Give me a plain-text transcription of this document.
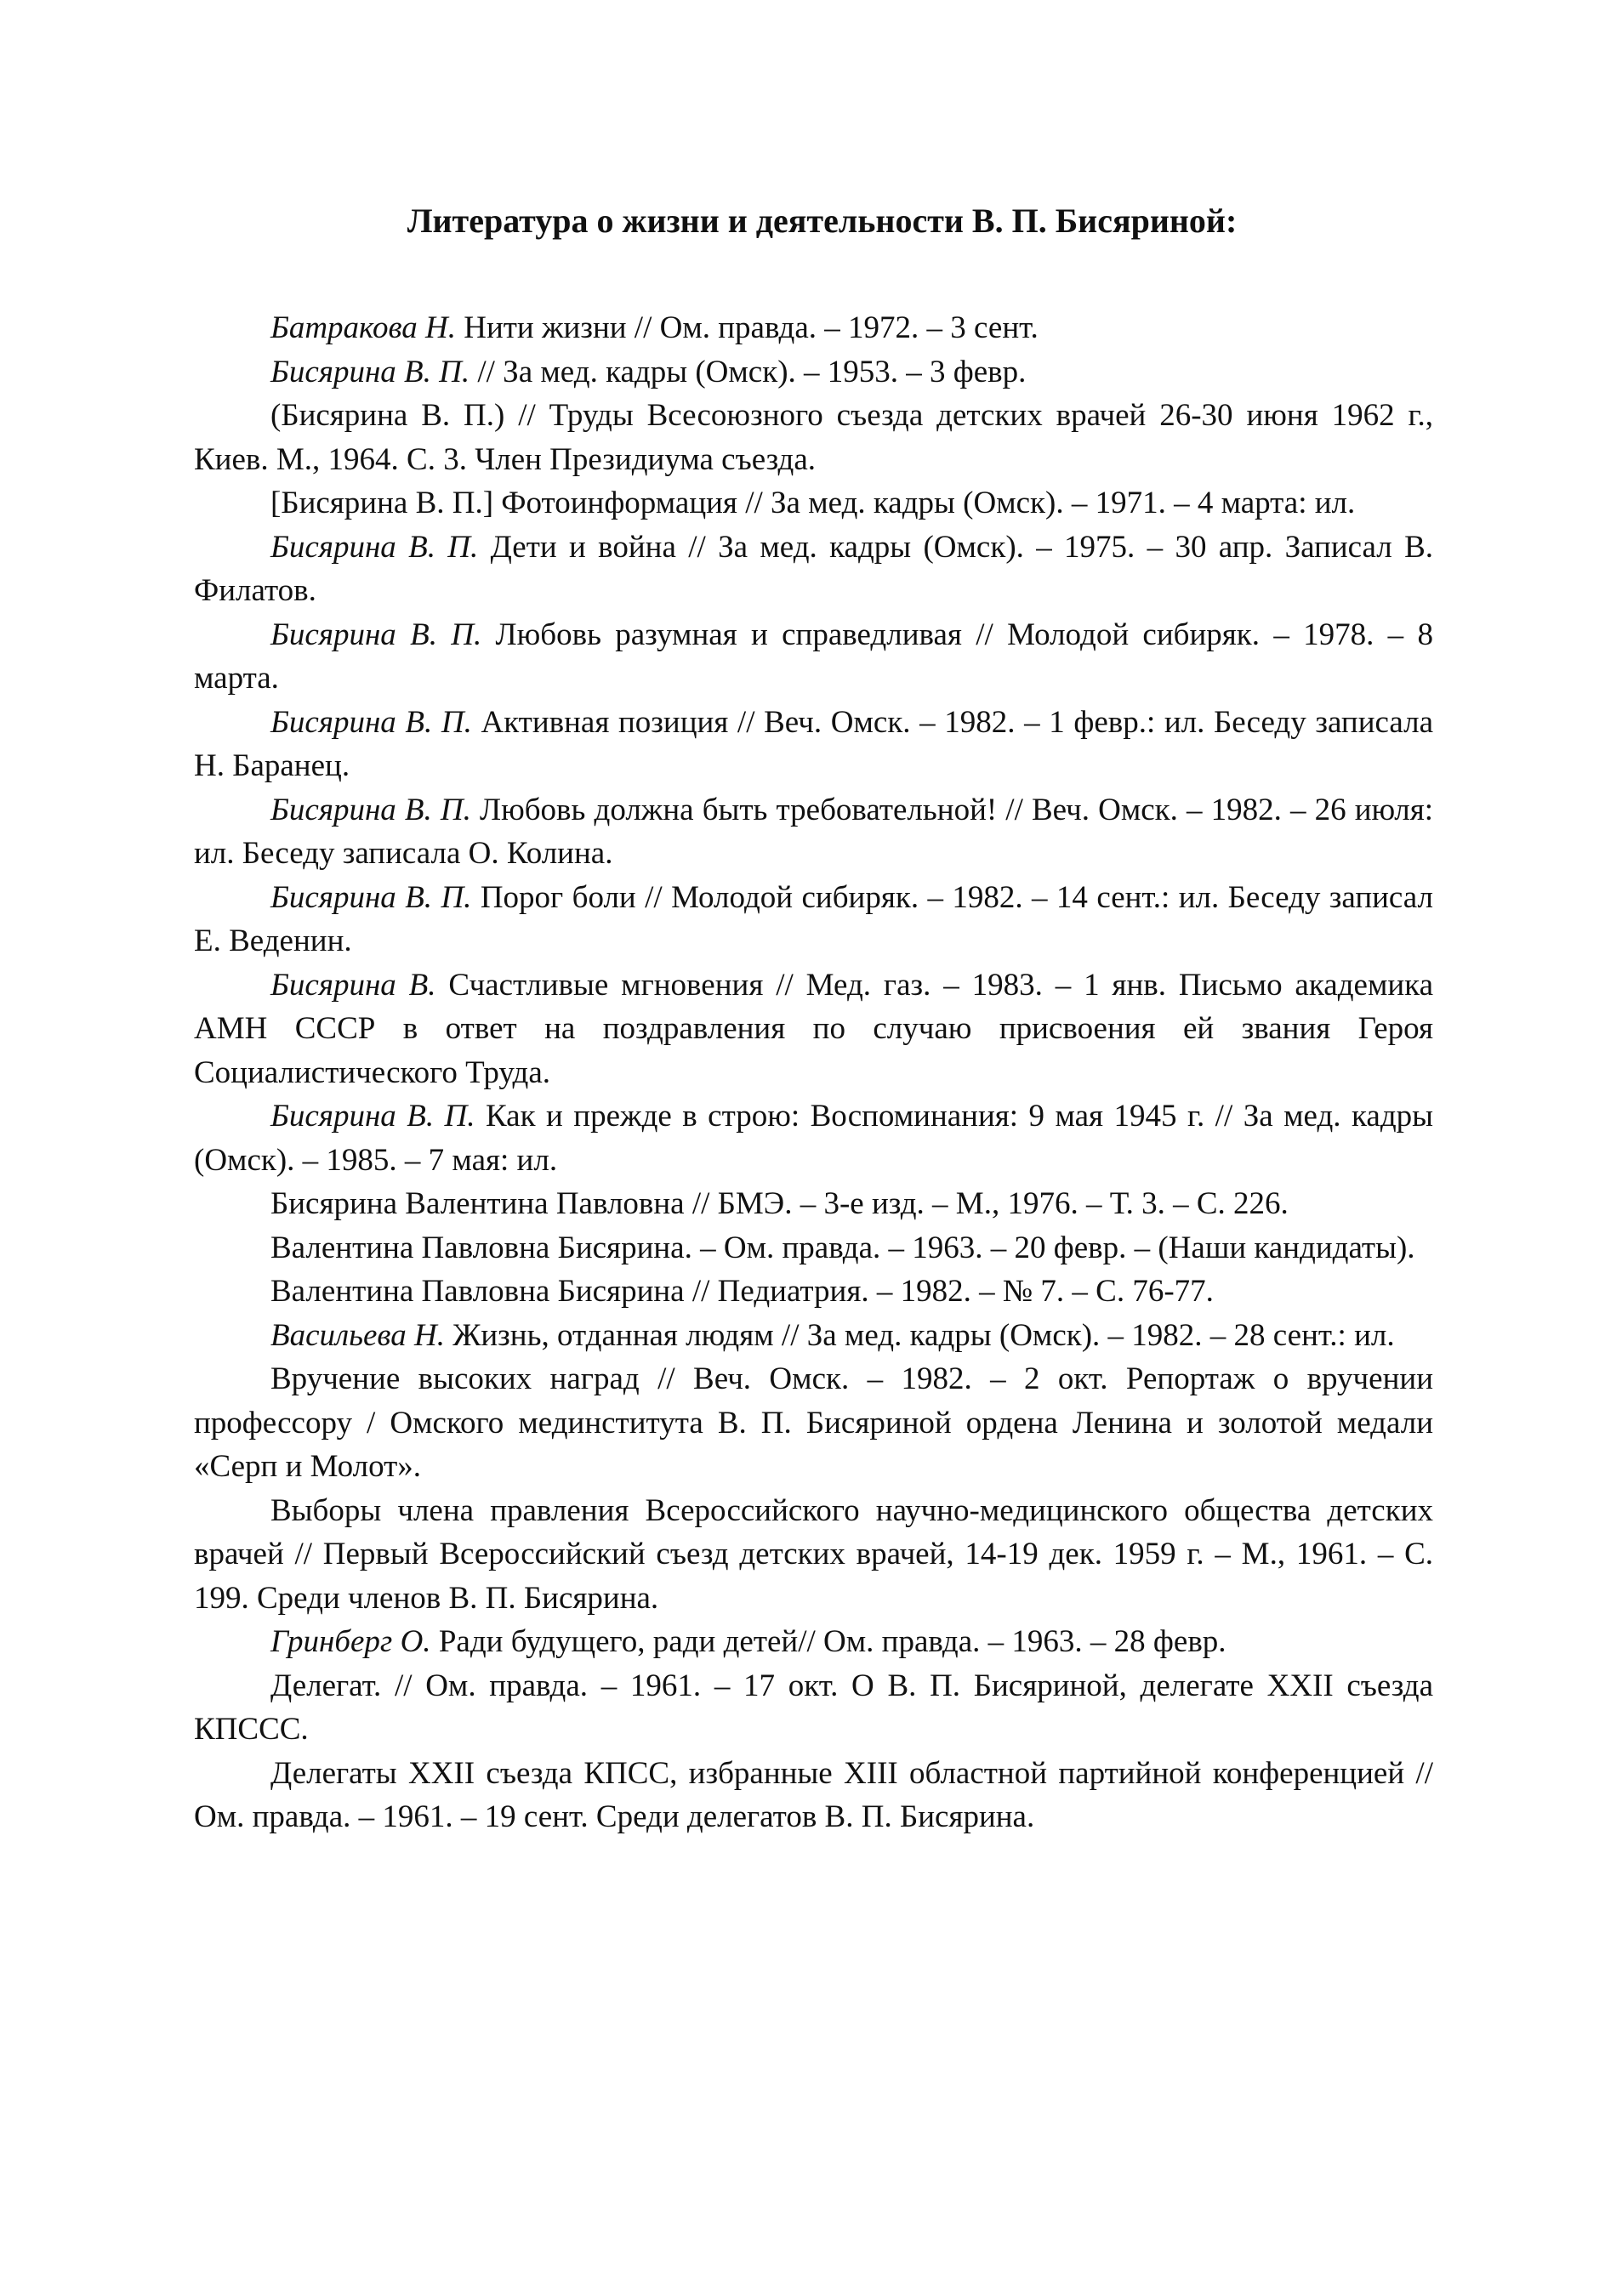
Литература о жизни и деятельности В. П. Бисяриной:

Батракова Н. Нити жизни // Ом. правда. – 1972. – 3 сент.

Бисярина В. П. // За мед. кадры (Омск). – 1953. – 3 февр.

(Бисярина В. П.) // Труды Всесоюзного съезда детских врачей 26-30 июня 1962 г., Киев. М., 1964. С. 3. Член Президиума съезда.

[Бисярина В. П.] Фотоинформация // За мед. кадры (Омск). – 1971. – 4 марта: ил.

Бисярина В. П. Дети и война // За мед. кадры (Омск). – 1975. – 30 апр. Записал В. Филатов.

Бисярина В. П. Любовь разумная и справедливая // Молодой сибиряк. – 1978. – 8 марта.

Бисярина В. П. Активная позиция // Веч. Омск. – 1982. – 1 февр.: ил. Беседу записала Н. Баранец.

Бисярина В. П. Любовь должна быть требовательной! // Веч. Омск. – 1982. – 26 июля: ил. Беседу записала О. Колина.

Бисярина В. П. Порог боли // Молодой сибиряк. – 1982. – 14 сент.: ил. Беседу записал Е. Веденин.

Бисярина В. Счастливые мгновения // Мед. газ. – 1983. – 1 янв. Письмо академика АМН СССР в ответ на поздравления по случаю присвоения ей звания Героя Социалистического Труда.

Бисярина В. П. Как и прежде в строю: Воспоминания: 9 мая 1945 г. // За мед. кадры (Омск). – 1985. – 7 мая: ил.

Бисярина Валентина Павловна // БМЭ. – 3-е изд. – М., 1976. – Т. 3. – С. 226.

Валентина Павловна Бисярина. – Ом. правда. – 1963. – 20 февр. – (Наши кандидаты).

Валентина Павловна Бисярина // Педиатрия. – 1982. – № 7. – С. 76-77.

Васильева Н. Жизнь, отданная людям // За мед. кадры (Омск). – 1982. – 28 сент.: ил.

Вручение высоких наград // Веч. Омск. – 1982. – 2 окт. Репортаж о вручении профессору / Омского мединститута В. П. Бисяриной ордена Ленина и золотой медали «Серп и Молот».

Выборы члена правления Всероссийского научно-медицинского общества детских врачей // Первый Всероссийский съезд детских врачей, 14-19 дек. 1959 г. – М., 1961. – С. 199. Среди членов В. П. Бисярина.

Гринберг О. Ради будущего, ради детей// Ом. правда. – 1963. – 28 февр.

Делегат. // Ом. правда. – 1961. – 17 окт. О В. П. Бисяриной, делегате XXII съезда КПССС.

Делегаты XXII съезда КПСС, избранные XIII областной партийной конференцией // Ом. правда. – 1961. – 19 сент. Среди делегатов В. П. Бисярина.
